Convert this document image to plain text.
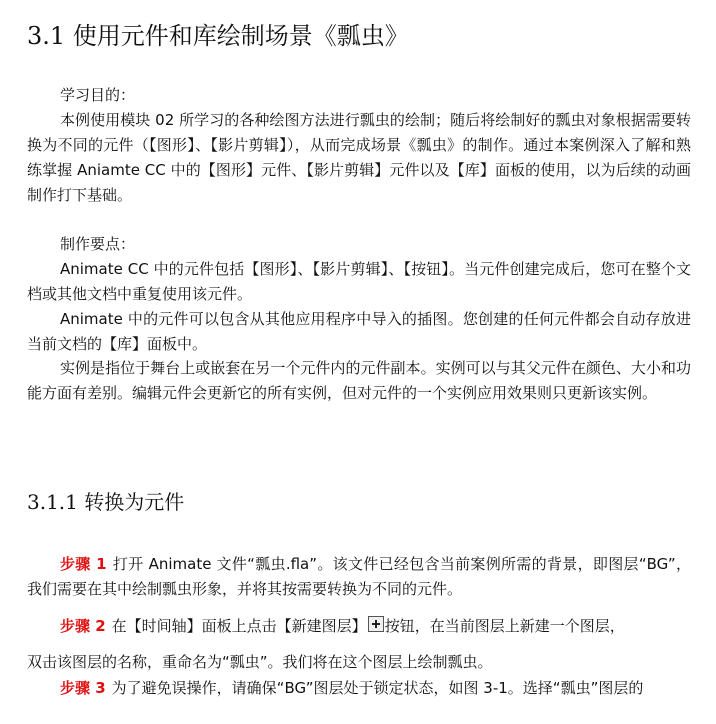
3.1 使用元件和库绘制场景《瓢虫》

学习目的：

本例使用模块 02 所学习的各种绘图方法进行瓢虫的绘制；随后将绘制好的瓢虫对象根据需要转换为不同的元件（【图形】、【影片剪辑】），从而完成场景《瓢虫》的制作。通过本案例深入了解和熟练掌握 Aniamte CC 中的【图形】元件、【影片剪辑】元件以及【库】面板的使用，以为后续的动画制作打下基础。

制作要点：

Animate CC 中的元件包括【图形】、【影片剪辑】、【按钮】。当元件创建完成后，您可在整个文档或其他文档中重复使用该元件。

Animate 中的元件可以包含从其他应用程序中导入的插图。您创建的任何元件都会自动存放进当前文档的【库】面板中。

实例是指位于舞台上或嵌套在另一个元件内的元件副本。实例可以与其父元件在颜色、大小和功能方面有差别。编辑元件会更新它的所有实例，但对元件的一个实例应用效果则只更新该实例。

3.1.1 转换为元件

步骤 1 打开 Animate 文件“瓢虫.fla”。该文件已经包含当前案例所需的背景，即图层“BG”，我们需要在其中绘制瓢虫形象，并将其按需要转换为不同的元件。

步骤 2 在【时间轴】面板上点击【新建图层】 按钮，在当前图层上新建一个图层，

双击该图层的名称，重命名为“瓢虫”。我们将在这个图层上绘制瓢虫。

步骤 3 为了避免误操作，请确保“BG”图层处于锁定状态，如图 3-1。选择“瓢虫”图层的
